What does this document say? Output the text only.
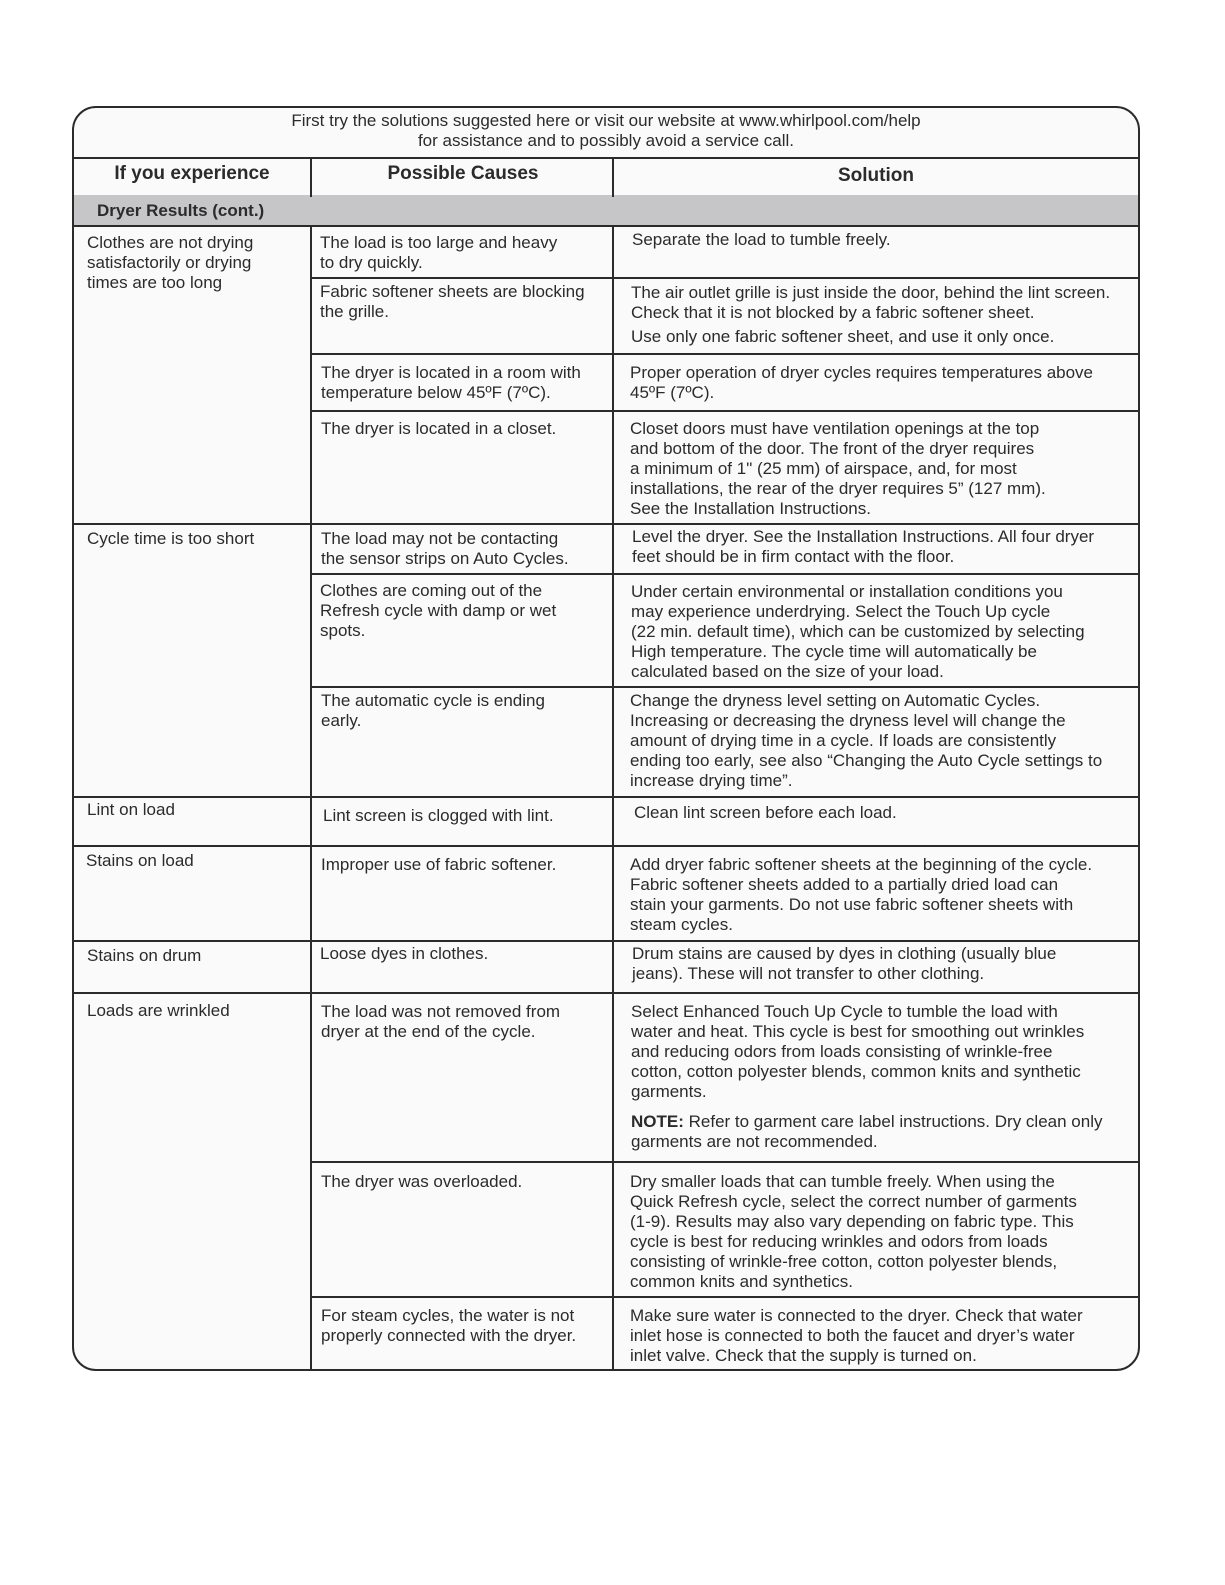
First try the solutions suggested here or visit our website at www.whirlpool.com/help
for assistance and to possibly avoid a service call.
If you experience	Possible Causes	Solution
Dryer Results (cont.)
Clothes are not drying
satisfactorily or drying
times are too long
Cycle time is too short
Lint on load
Stains on load
Stains on drum
Loads are wrinkled
The load is too large and heavy
to dry quickly.
Fabric softener sheets are blocking
the grille.
The dryer is located in a room with
temperature below 45ºF (7ºC).
The dryer is located in a closet.
The load may not be contacting
the sensor strips on Auto Cycles.
Clothes are coming out of the
Refresh cycle with damp or wet
spots.
The automatic cycle is ending
early.
Lint screen is clogged with lint.
Improper use of fabric softener.
Loose dyes in clothes.
The load was not removed from
dryer at the end of the cycle.
The dryer was overloaded.
For steam cycles, the water is not
properly connected with the dryer.
Separate the load to tumble freely.
The air outlet grille is just inside the door, behind the lint screen.
Check that it is not blocked by a fabric softener sheet.
Use only one fabric softener sheet, and use it only once.
Proper operation of dryer cycles requires temperatures above
45ºF (7ºC).
Closet doors must have ventilation openings at the top
and bottom of the door. The front of the dryer requires
a minimum of 1" (25 mm) of airspace, and, for most
installations, the rear of the dryer requires 5” (127 mm).
See the Installation Instructions.
Level the dryer. See the Installation Instructions. All four dryer
feet should be in firm contact with the floor.
Under certain environmental or installation conditions you
may experience underdrying. Select the Touch Up cycle
(22 min. default time), which can be customized by selecting
High temperature. The cycle time will automatically be
calculated based on the size of your load.
Change the dryness level setting on Automatic Cycles.
Increasing or decreasing the dryness level will change the
amount of drying time in a cycle. If loads are consistently
ending too early, see also “Changing the Auto Cycle settings to
increase drying time”.
Clean lint screen before each load.
Add dryer fabric softener sheets at the beginning of the cycle.
Fabric softener sheets added to a partially dried load can
stain your garments. Do not use fabric softener sheets with
steam cycles.
Drum stains are caused by dyes in clothing (usually blue
jeans). These will not transfer to other clothing.
Select Enhanced Touch Up Cycle to tumble the load with
water and heat. This cycle is best for smoothing out wrinkles
and reducing odors from loads consisting of wrinkle-free
cotton, cotton polyester blends, common knits and synthetic
garments.
NOTE: Refer to garment care label instructions. Dry clean only
garments are not recommended.
Dry smaller loads that can tumble freely. When using the
Quick Refresh cycle, select the correct number of garments
(1-9). Results may also vary depending on fabric type. This
cycle is best for reducing wrinkles and odors from loads
consisting of wrinkle-free cotton, cotton polyester blends,
common knits and synthetics.
Make sure water is connected to the dryer. Check that water
inlet hose is connected to both the faucet and dryer’s water
inlet valve. Check that the supply is turned on.
